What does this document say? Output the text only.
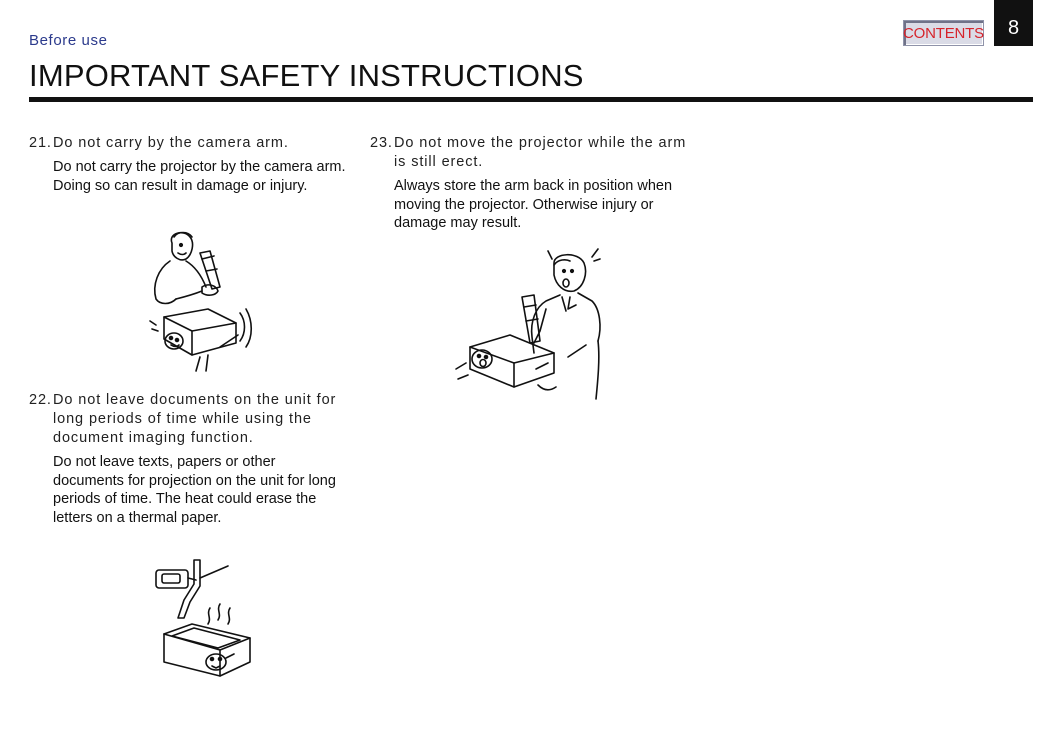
Before use	CONTENTS	8
IMPORTANT SAFETY INSTRUCTIONS
21. Do not carry by the camera arm.

Do not carry the projector by the camera arm.

Doing so can result in damage or injury.

22. Do not leave documents on the unit for long periods of time while using the document imaging function.

Do not leave texts, papers or other documents for projection on the unit for long periods of time. The heat could erase the letters on a thermal paper.

23. Do not move the projector while the arm is still erect.

Always store the arm back in position when moving the projector. Otherwise injury or damage may result.
